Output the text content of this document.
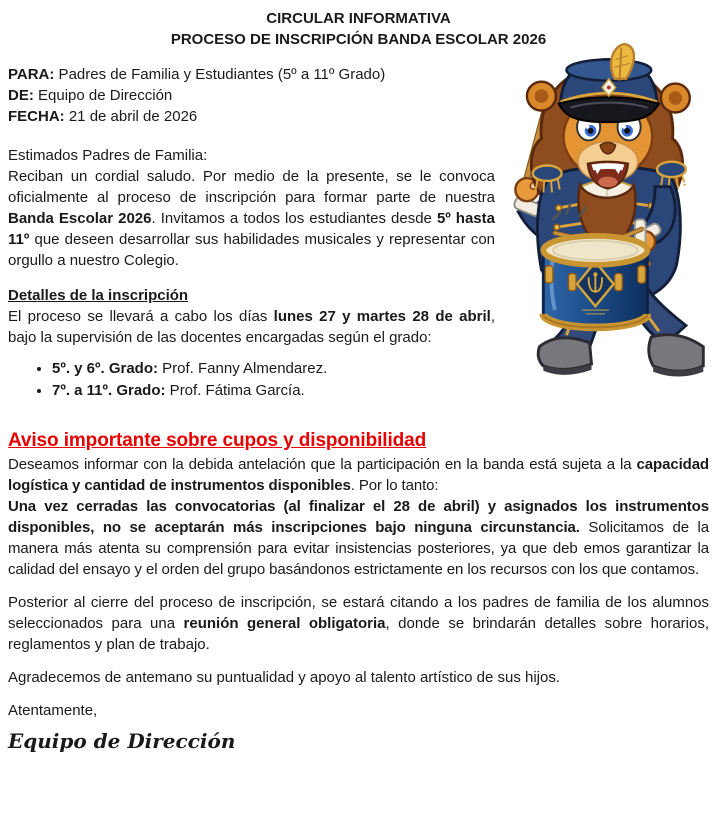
CIRCULAR INFORMATIVA
PROCESO DE INSCRIPCIÓN BANDA ESCOLAR 2026
56

PARA: Padres de Familia y Estudiantes (5º a 11º Grado)

DE: Equipo de Dirección

FECHA: 21 de abril de 2026

Estimados Padres de Familia:

Reciban un cordial saludo. Por medio de la presente, se le convoca oficialmente al proceso de inscripción para formar parte de nuestra Banda Escolar 2026. Invitamos a todos los estudiantes desde 5º hasta 11º que deseen desarrollar sus habilidades musicales y representar con orgullo a nuestro Colegio.

Detalles de la inscripción

El proceso se llevará a cabo los días lunes 27 y martes 28 de abril, bajo la supervisión de las docentes encargadas según el grado:

• 5º. y 6º. Grado: Prof. Fanny Almendarez.
• 7º. a 11º. Grado: Prof. Fátima García.

Aviso importante sobre cupos y disponibilidad

Deseamos informar con la debida antelación que la participación en la banda está sujeta a la capacidad logística y cantidad de instrumentos disponibles. Por lo tanto:

Una vez cerradas las convocatorias (al finalizar el 28 de abril) y asignados los instrumentos disponibles, no se aceptarán más inscripciones bajo ninguna circunstancia. Solicitamos de la manera más atenta su comprensión para evitar insistencias posteriores, ya que deb emos garantizar la calidad del ensayo y el orden del grupo basándonos estrictamente en los recursos con los que contamos.

Posterior al cierre del proceso de inscripción, se estará citando a los padres de familia de los alumnos seleccionados para una reunión general obligatoria, donde se brindarán detalles sobre horarios, reglamentos y plan de trabajo.

Agradecemos de antemano su puntualidad y apoyo al talento artístico de sus hijos.

Atentamente,

Equipo de Dirección
